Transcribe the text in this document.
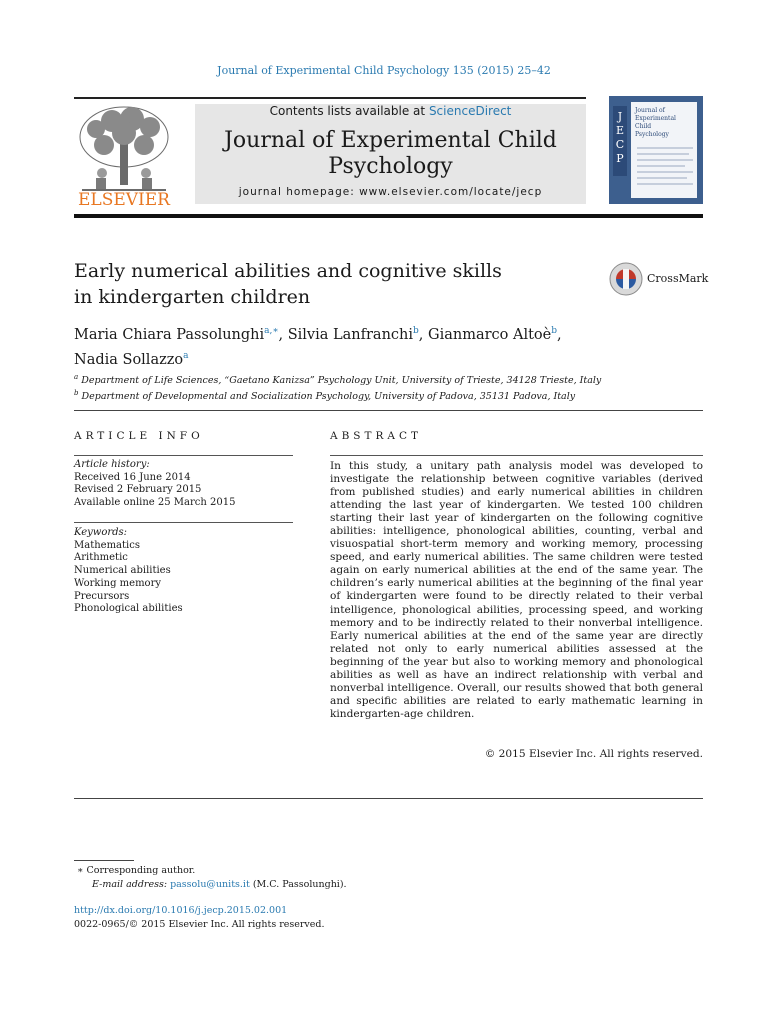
Journal of Experimental Child Psychology 135 (2015) 25–42
ELSEVIER
Contents lists available at ScienceDirect
Journal of Experimental Child Psychology
journal homepage: www.elsevier.com/locate/jecp
J
E
C
P
Journal of
Experimental
Child
Psychology
Early numerical abilities and cognitive skills
in kindergarten children
CrossMark
Maria Chiara Passolunghi$^{a,∗}$, Silvia Lanfranchi$^b$, Gianmarco Altoè$^b$,
Nadia Sollazzo$^a$
$^a$ Department of Life Sciences, “Gaetano Kanizsa” Psychology Unit, University of Trieste, 34128 Trieste, Italy
$^b$ Department of Developmental and Socialization Psychology, University of Padova, 35131 Padova, Italy
ARTICLE INFO	ABSTRACT
Article history:
Received 16 June 2014
Revised 2 February 2015
Available online 25 March 2015
Keywords:
Mathematics
Arithmetic
Numerical abilities
Working memory
Precursors
Phonological abilities
In this study, a unitary path analysis model was developed to investigate the relationship between cognitive variables (derived from published studies) and early numerical abilities in children attending the last year of kindergarten. We tested 100 children starting their last year of kindergarten on the following cognitive abilities: intelligence, phonological abilities, counting, verbal and visuospatial short-term memory and working memory, processing speed, and early numerical abilities. The same children were tested again on early numerical abilities at the end of the same year. The children’s early numerical abilities at the beginning of the final year of kindergarten were found to be directly related to their verbal intelligence, phonological abilities, processing speed, and working memory and to be indirectly related to their nonverbal intelligence. Early numerical abilities at the end of the same year are directly related not only to early numerical abilities assessed at the beginning of the year but also to working memory and phonological abilities as well as have an indirect relationship with verbal and nonverbal intelligence. Overall, our results showed that both general and specific abilities are related to early mathematic learning in kindergarten-age children.
© 2015 Elsevier Inc. All rights reserved.
∗ Corresponding author.
E-mail address: passolu@units.it (M.C. Passolunghi).
http://dx.doi.org/10.1016/j.jecp.2015.02.001
0022-0965/© 2015 Elsevier Inc. All rights reserved.
